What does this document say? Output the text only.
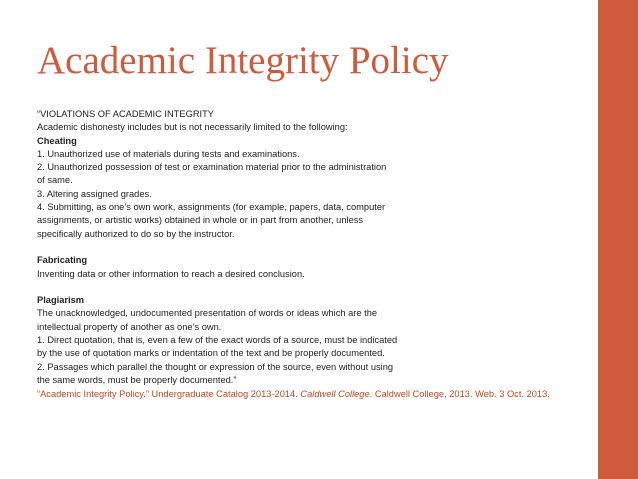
Academic Integrity Policy
“VIOLATIONS OF ACADEMIC INTEGRITY
Academic dishonesty includes but is not necessarily limited to the following:
Cheating
1. Unauthorized use of materials during tests and examinations.
2. Unauthorized possession of test or examination material prior to the administration
of same.
3. Altering assigned grades.
4. Submitting, as one’s own work, assignments (for example, papers, data, computer
assignments, or artistic works) obtained in whole or in part from another, unless
specifically authorized to do so by the instructor.
Fabricating
Inventing data or other information to reach a desired conclusion.
Plagiarism
The unacknowledged, undocumented presentation of words or ideas which are the
intellectual property of another as one’s own.
1. Direct quotation, that is, even a few of the exact words of a source, must be indicated
by the use of quotation marks or indentation of the text and be properly documented.
2. Passages which parallel the thought or expression of the source, even without using
the same words, must be properly documented.”
“Academic Integrity Policy.” Undergraduate Catalog 2013-2014. Caldwell College. Caldwell College, 2013. Web. 3 Oct. 2013.
